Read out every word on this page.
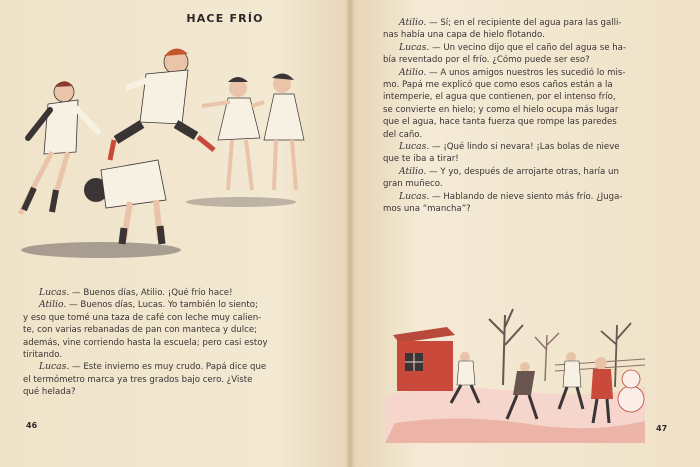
HACE FRÍO

Lucas. — Buenos días, Atilio. ¡Qué frío hace!

Atilio. — Buenos días, Lucas. Yo también lo siento;

y eso que tomé una taza de café con leche muy calien-

te, con varias rebanadas de pan con manteca y dulce;

además, vine corriendo hasta la escuela; pero casi estoy

tiritando.

Lucas. — Este invierno es muy crudo. Papá dice que

el termómetro marca ya tres grados bajo cero. ¿Viste

qué helada?

46

Atilio. — Sí; en el recipiente del agua para las galli-

nas había una capa de hielo flotando.

Lucas. — Un vecino dijo que el caño del agua se ha-

bía reventado por el frío. ¿Cómo puede ser eso?

Atilio. — A unos amigos nuestros les sucedió lo mis-

mo. Papá me explicó que como esos caños están a la

intemperie, el agua que contienen, por el intenso frío,

se convierte en hielo; y como el hielo ocupa más lugar

que el agua, hace tanta fuerza que rompe las paredes

del caño.

Lucas. — ¡Qué lindo si nevara! ¡Las bolas de nieve

que te iba a tirar!

Atilio. — Y yo, después de arrojarte otras, haría un

gran muñeco.

Lucas. — Hablando de nieve siento más frío. ¿Juga-

mos una “mancha”?

47
